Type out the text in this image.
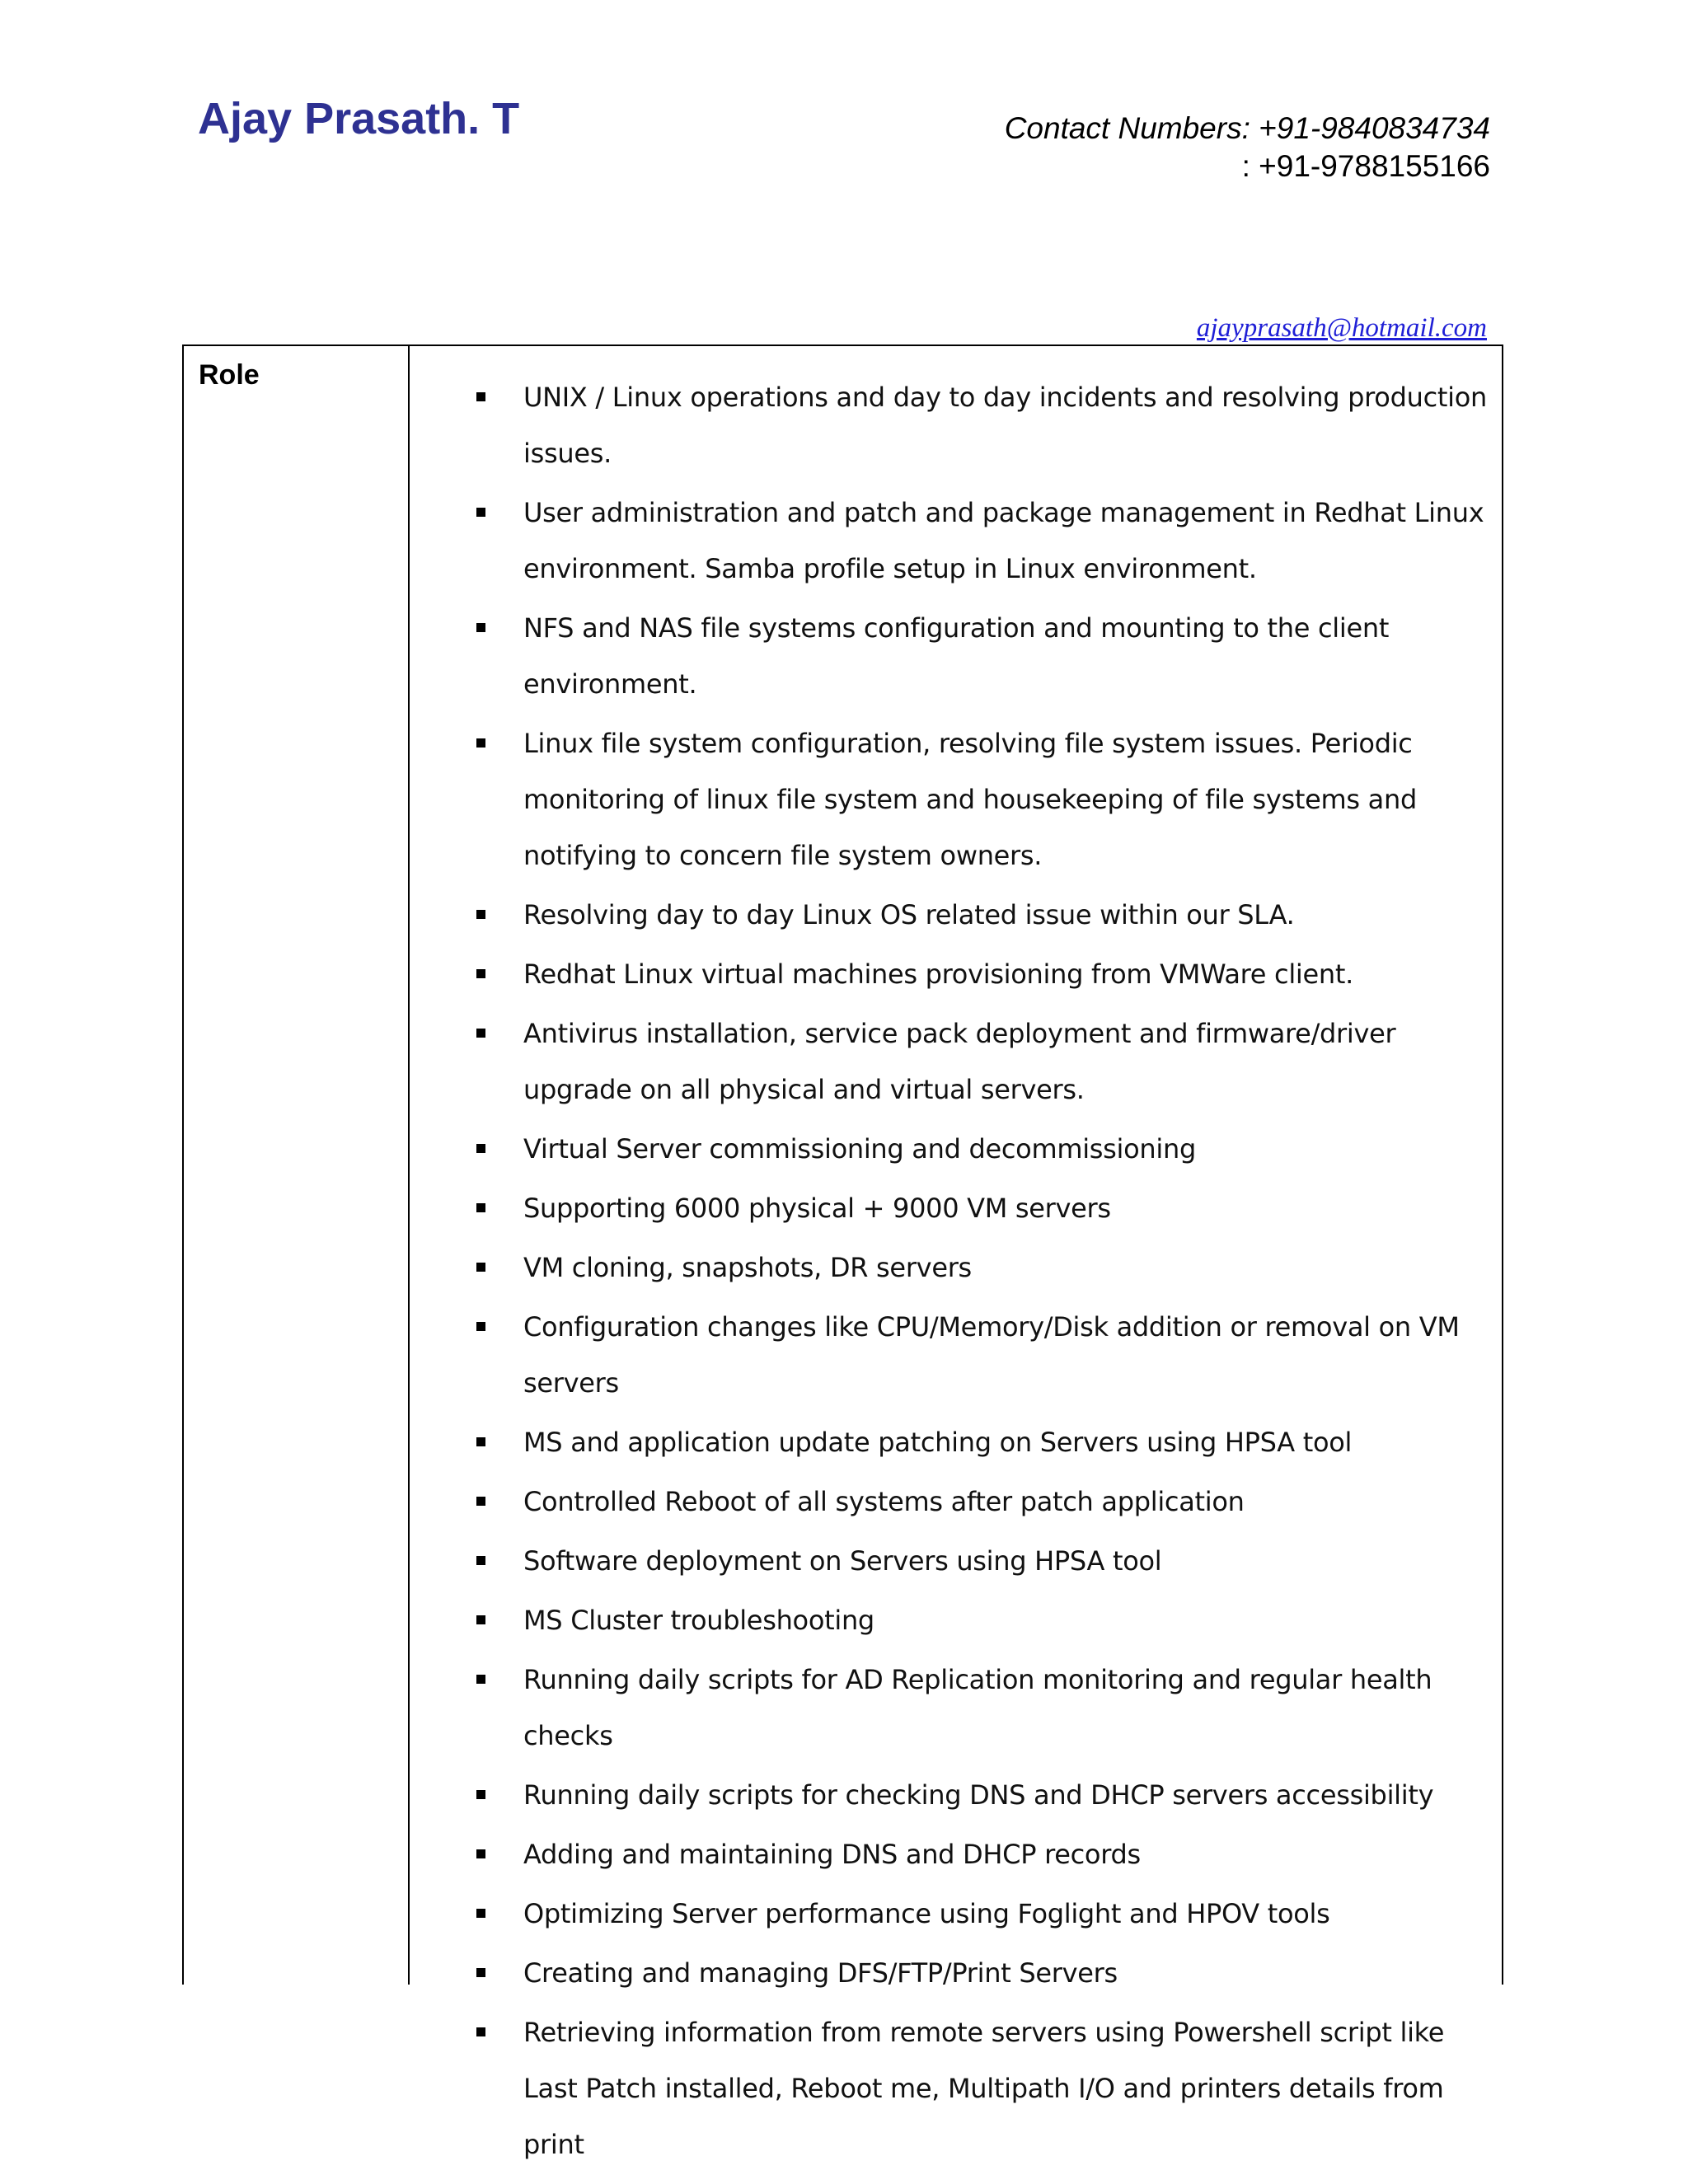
Ajay Prasath. T	Contact Numbers: +91-9840834734
: +91-9788155166
ajayprasath@hotmail.com
Role
UNIX / Linux operations and day to day incidents and resolving production issues.
User administration and patch and package management in Redhat Linux environment. Samba profile setup in Linux environment.
NFS and NAS file systems configuration and mounting to the client environment.
Linux file system configuration, resolving file system issues. Periodic monitoring of linux file system and housekeeping of file systems and notifying to concern file system owners.
Resolving day to day Linux OS related issue within our SLA.
Redhat Linux virtual machines provisioning from VMWare client.
Antivirus installation, service pack deployment and firmware/driver upgrade on all physical and virtual servers.
Virtual Server commissioning and decommissioning
Supporting 6000 physical + 9000 VM servers
VM cloning, snapshots, DR servers
Configuration changes like CPU/Memory/Disk addition or removal on VM servers
MS and application update patching on Servers using HPSA tool
Controlled Reboot of all systems after patch application
Software deployment on Servers using HPSA tool
MS Cluster troubleshooting
Running daily scripts for AD Replication monitoring and regular health checks
Running daily scripts for checking DNS and DHCP servers accessibility
Adding and maintaining DNS and DHCP records
Optimizing Server performance using Foglight and HPOV tools
Creating and managing DFS/FTP/Print Servers
Retrieving information from remote servers using Powershell script like Last Patch installed, Reboot me, Multipath I/O and printers details from print
